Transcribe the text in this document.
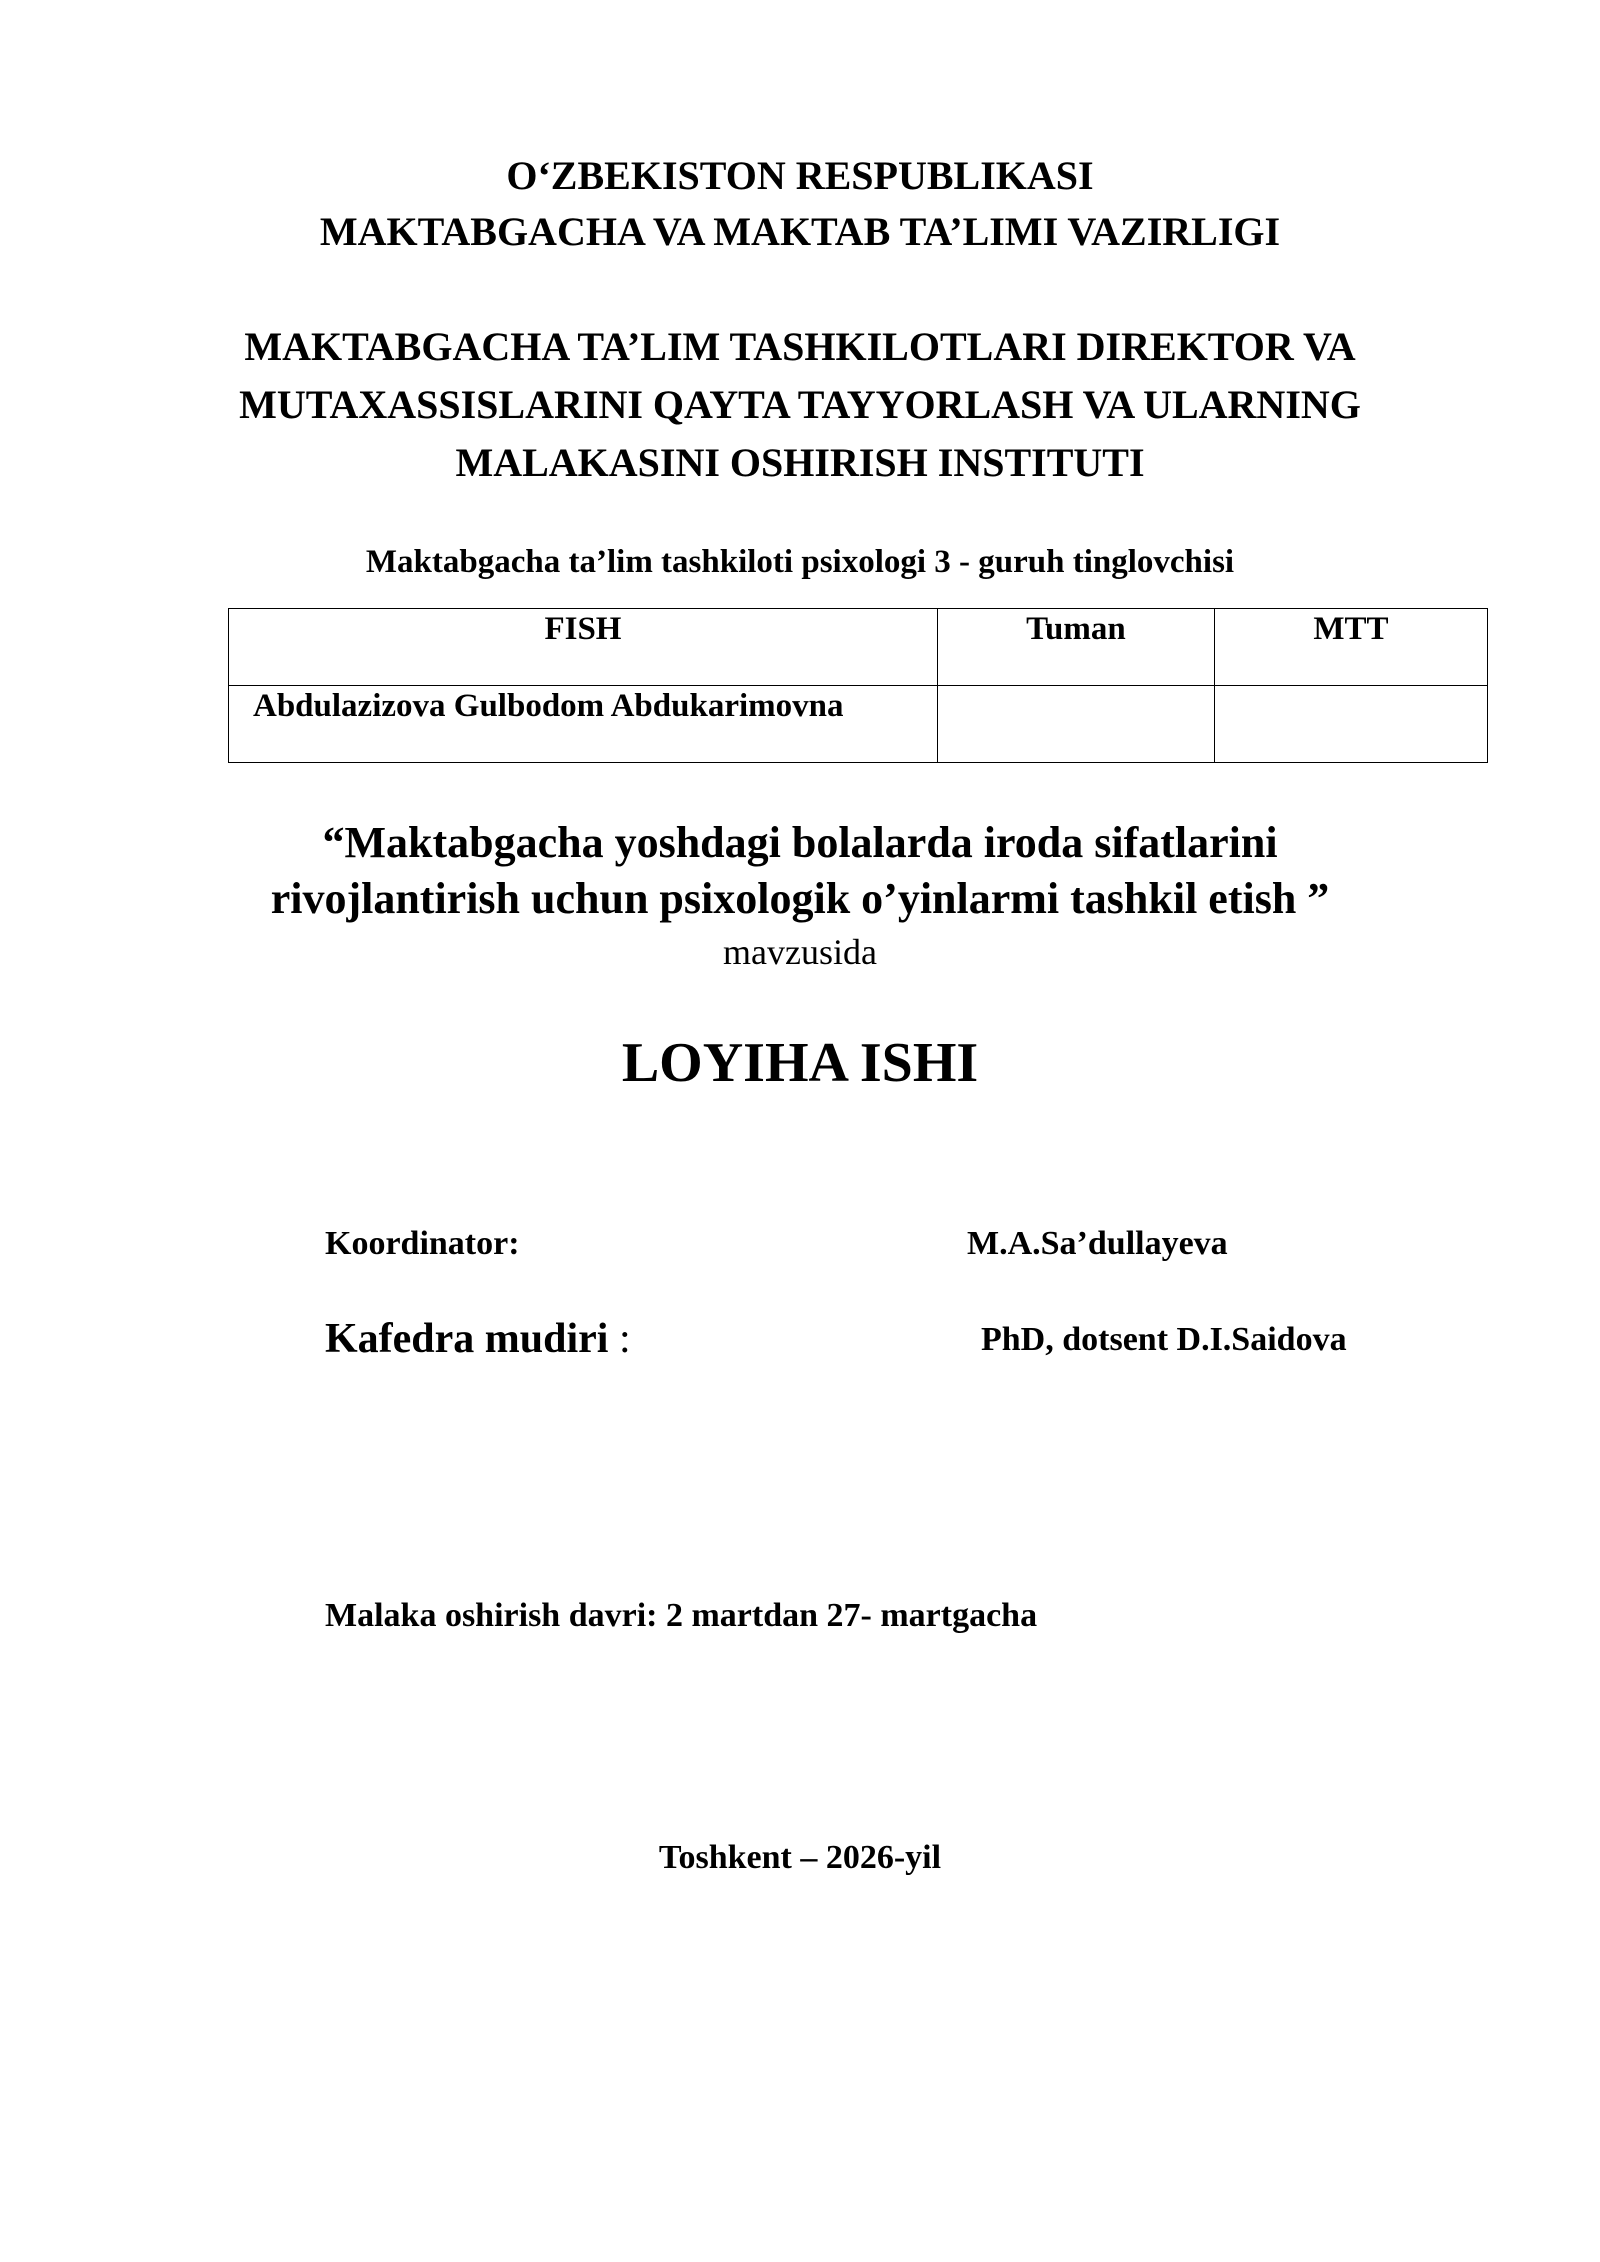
O‘ZBEKISTON RESPUBLIKASI
MAKTABGACHA VA MAKTAB TA’LIMI VAZIRLIGI
MAKTABGACHA TA’LIM TASHKILOTLARI DIREKTOR VA
MUTAXASSISLARINI QAYTA TAYYORLASH VA ULARNING
MALAKASINI OSHIRISH INSTITUTI
Maktabgacha ta’lim tashkiloti psixologi 3 - guruh tinglovchisi
FISH	Tuman	MTT
Abdulazizova Gulbodom Abdukarimovna		
“Maktabgacha yoshdagi bolalarda iroda sifatlarini
rivojlantirish uchun psixologik o’yinlarmi tashkil etish ”
mavzusida
LOYIHA ISHI
Koordinator:	M.A.Sa’dullayeva
Kafedra mudiri :	PhD, dotsent D.I.Saidova
Malaka oshirish davri: 2 martdan 27- martgacha
Toshkent – 2026-yil
